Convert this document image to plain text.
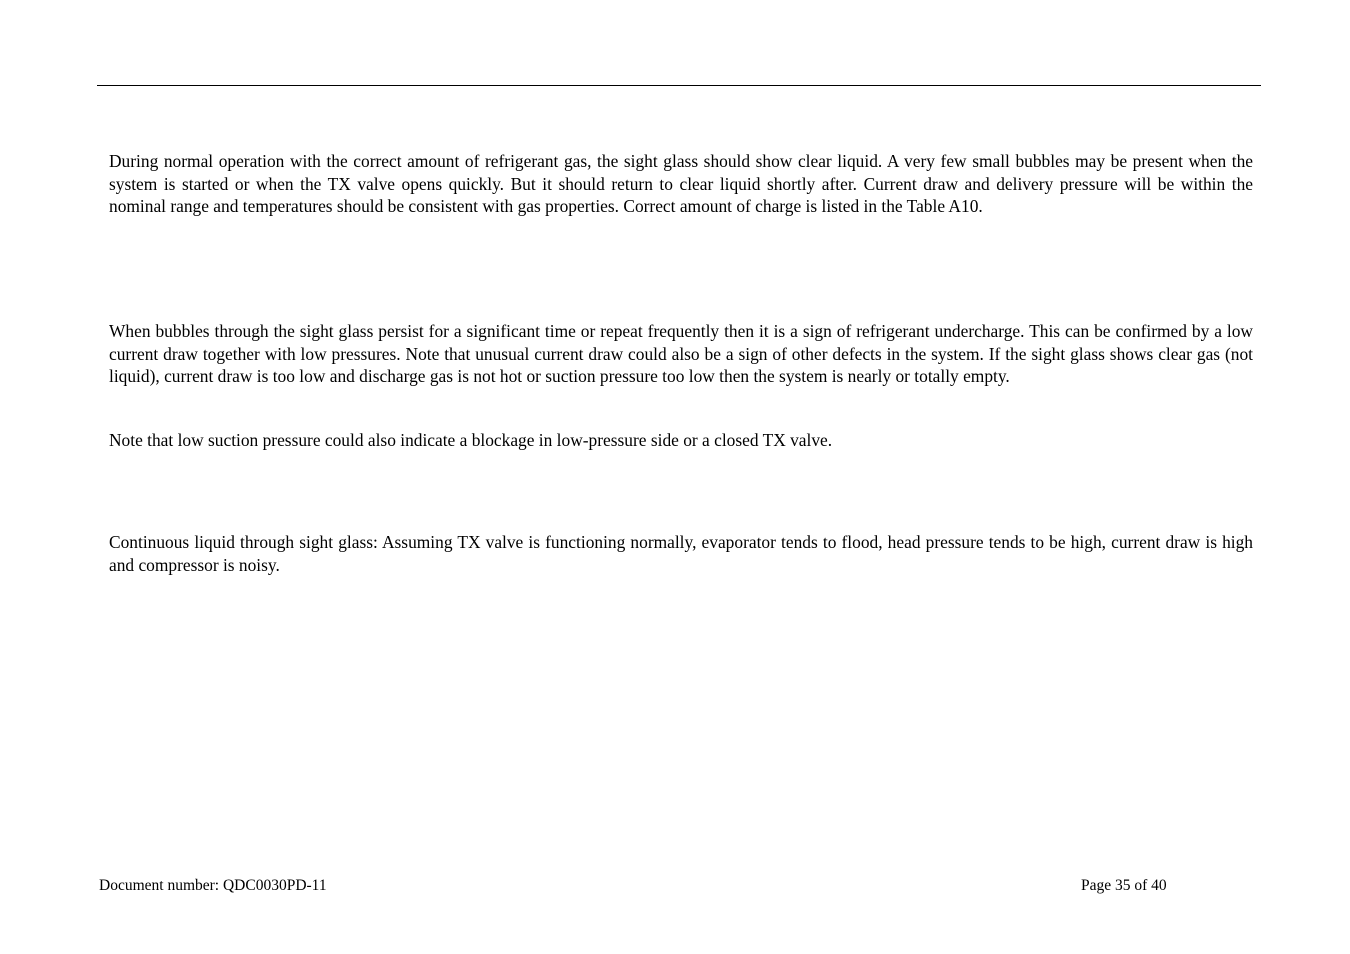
During normal operation with the correct amount of refrigerant gas, the sight glass should show clear liquid. A very few small bubbles may be present when the system is started or when the TX valve opens quickly. But it should return to clear liquid shortly after. Current draw and delivery pressure will be within the nominal range and temperatures should be consistent with gas properties. Correct amount of charge is listed in the Table A10.

When bubbles through the sight glass persist for a significant time or repeat frequently then it is a sign of refrigerant undercharge. This can be confirmed by a low current draw together with low pressures. Note that unusual current draw could also be a sign of other defects in the system. If the sight glass shows clear gas (not liquid), current draw is too low and discharge gas is not hot or suction pressure too low then the system is nearly or totally empty.

Note that low suction pressure could also indicate a blockage in low-pressure side or a closed TX valve.

Continuous liquid through sight glass: Assuming TX valve is functioning normally, evaporator tends to flood, head pressure tends to be high, current draw is high and compressor is noisy.

Document number: QDC0030PD-11	Page 35 of 40
